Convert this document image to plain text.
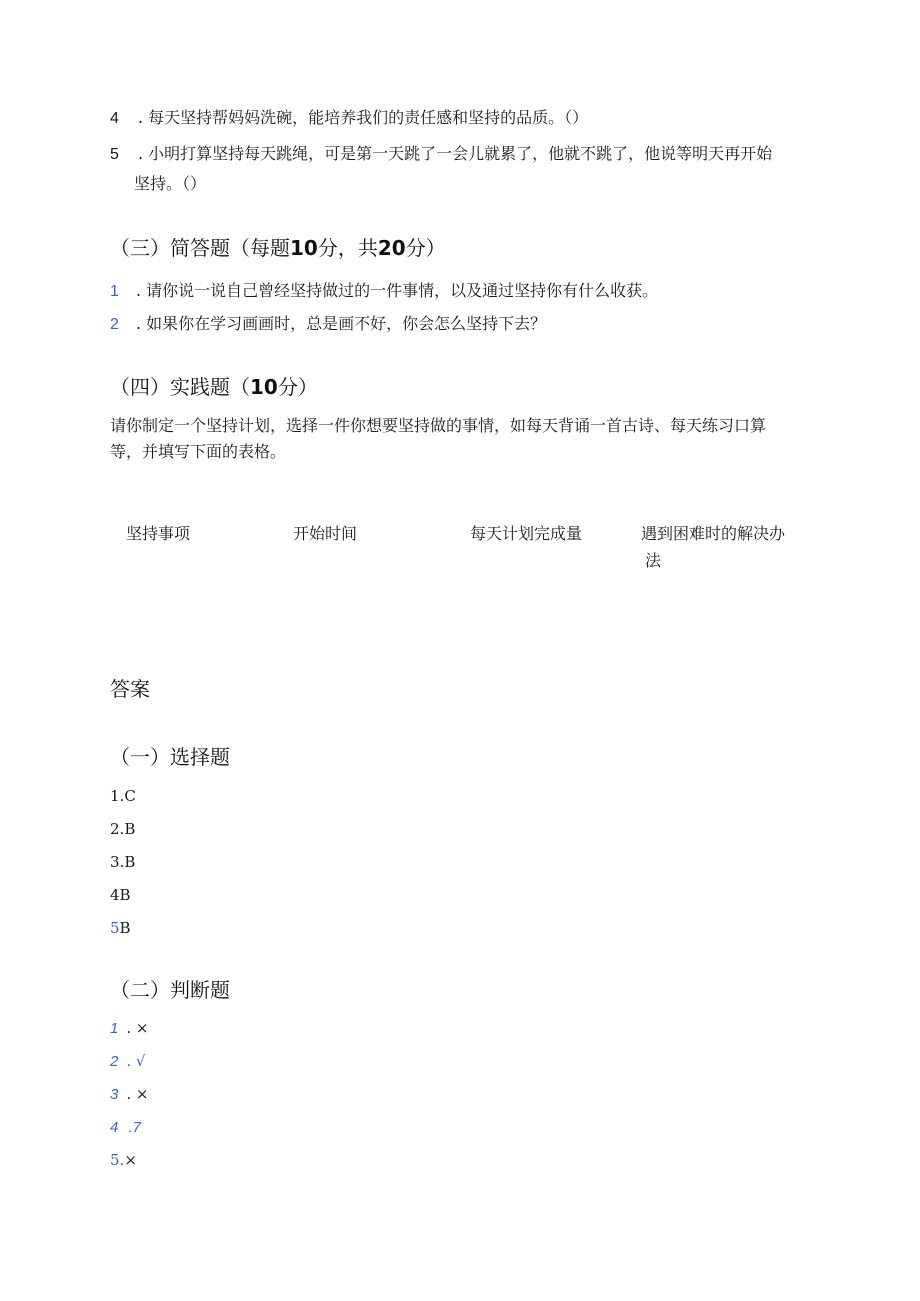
4 . 每天坚持帮妈妈洗碗，能培养我们的责任感和坚持的品质。（）
5 . 小明打算坚持每天跳绳，可是第一天跳了一会儿就累了，他就不跳了，他说等明天再开始
坚持。（）
（三）简答题（每题10分，共20分）
1 . 请你说一说自己曾经坚持做过的一件事情，以及通过坚持你有什么收获。
2 . 如果你在学习画画时，总是画不好，你会怎么坚持下去？
（四）实践题（10分）
请你制定一个坚持计划，选择一件你想要坚持做的事情，如每天背诵一首古诗、每天练习口算
等，并填写下面的表格。
坚持事项	开始时间	每天计划完成量	遇到困难时的解决办
法
答案
（一）选择题
1.C
2.B
3.B
4B
5B
（二）判断题
1 . ×
2 . √
3 . ×
4 .7
5.×
